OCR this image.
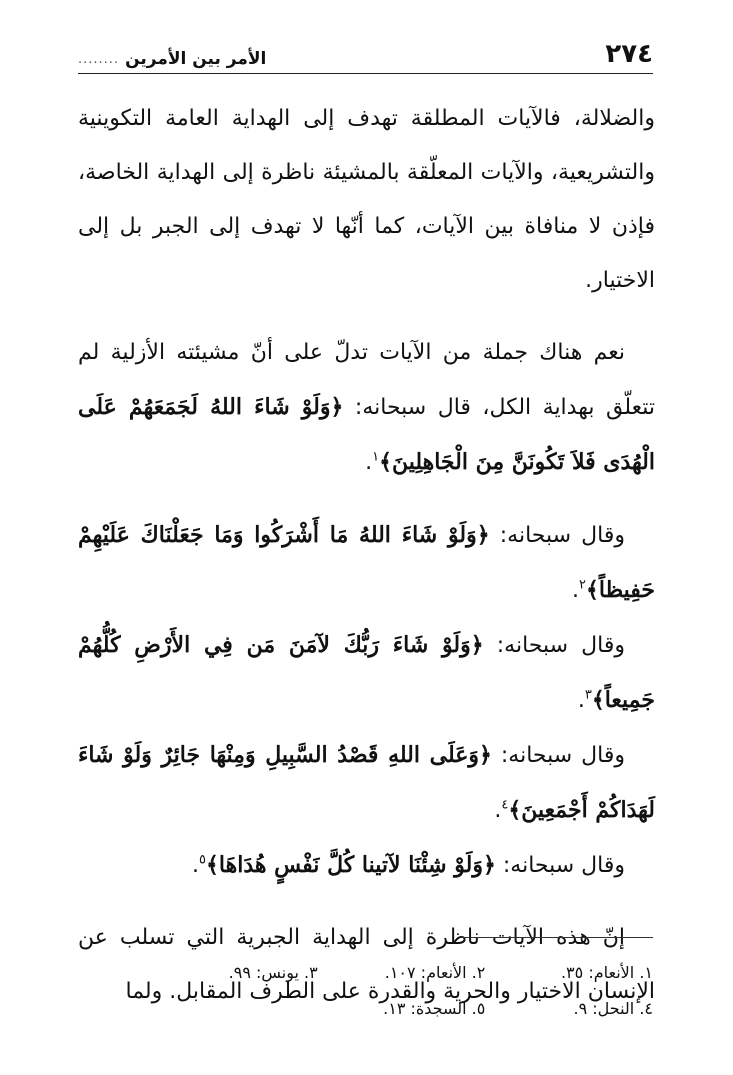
٢٧٤
الأمر بين الأمرين
........

والضلالة، فالآيات المطلقة تهدف إلى الهداية العامة التكوينية والتشريعية، والآيات المعلّقة بالمشيئة ناظرة إلى الهداية الخاصة، فإذن لا منافاة بين الآيات، كما أنّها لا تهدف إلى الجبر بل إلى الاختيار.

نعم هناك جملة من الآيات تدلّ على أنّ مشيئته الأزلية لم تتعلّق بهداية الكل، قال سبحانه: ﴿وَلَوْ شَاءَ اللهُ لَجَمَعَهُمْ عَلَى الْهُدَى فَلاَ تَكُونَنَّ مِنَ الْجَاهِلِينَ﴾$^١$.

وقال سبحانه: ﴿وَلَوْ شَاءَ اللهُ مَا أَشْرَكُوا وَمَا جَعَلْنَاكَ عَلَيْهِمْ حَفِيظاً﴾$^٢$.

وقال سبحانه: ﴿وَلَوْ شَاءَ رَبُّكَ لآمَنَ مَن فِي الأَرْضِ كُلُّهُمْ جَمِيعاً﴾$^٣$.

وقال سبحانه: ﴿وَعَلَى اللهِ قَصْدُ السَّبِيلِ وَمِنْهَا جَائِرٌ وَلَوْ شَاءَ لَهَدَاكُمْ أَجْمَعِينَ﴾$^٤$.

وقال سبحانه: ﴿وَلَوْ شِئْنَا لآتينا كُلَّ نَفْسٍ هُدَاهَا﴾$^٥$.

إنّ هذه الآيات ناظرة إلى الهداية الجبرية التي تسلب عن الإنسان الاختيار والحرية والقدرة على الطرف المقابل. ولما

١. الأنعام: ٣٥.
٢. الأنعام: ١٠٧.
٣. يونس: ٩٩.
٤. النحل: ٩.
٥. السجدة: ١٣.
